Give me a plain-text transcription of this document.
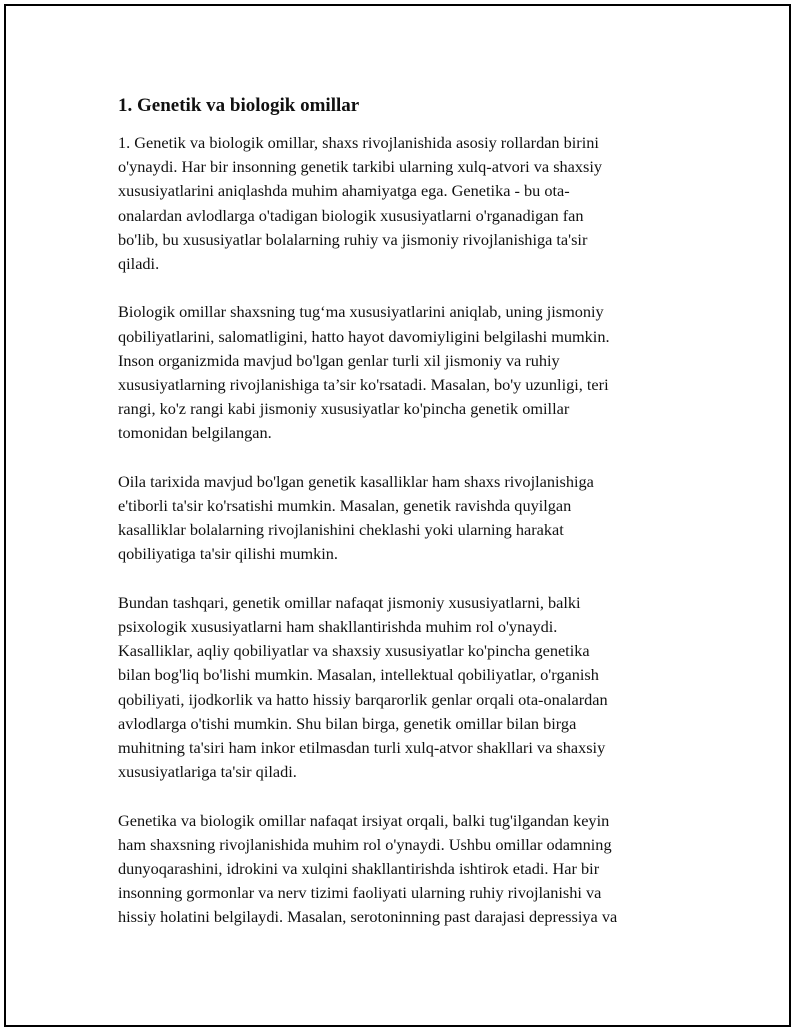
1. Genetik va biologik omillar

1. Genetik va biologik omillar, shaxs rivojlanishida asosiy rollardan birini
o'ynaydi. Har bir insonning genetik tarkibi ularning xulq-atvori va shaxsiy
xususiyatlarini aniqlashda muhim ahamiyatga ega. Genetika - bu ota-
onalardan avlodlarga o'tadigan biologik xususiyatlarni o'rganadigan fan
bo'lib, bu xususiyatlar bolalarning ruhiy va jismoniy rivojlanishiga ta'sir
qiladi.

Biologik omillar shaxsning tug‘ma xususiyatlarini aniqlab, uning jismoniy
qobiliyatlarini, salomatligini, hatto hayot davomiyligini belgilashi mumkin.
Inson organizmida mavjud bo'lgan genlar turli xil jismoniy va ruhiy
xususiyatlarning rivojlanishiga ta’sir ko'rsatadi. Masalan, bo'y uzunligi, teri
rangi, ko'z rangi kabi jismoniy xususiyatlar ko'pincha genetik omillar
tomonidan belgilangan.

Oila tarixida mavjud bo'lgan genetik kasalliklar ham shaxs rivojlanishiga
e'tiborli ta'sir ko'rsatishi mumkin. Masalan, genetik ravishda quyilgan
kasalliklar bolalarning rivojlanishini cheklashi yoki ularning harakat
qobiliyatiga ta'sir qilishi mumkin.

Bundan tashqari, genetik omillar nafaqat jismoniy xususiyatlarni, balki
psixologik xususiyatlarni ham shakllantirishda muhim rol o'ynaydi.
Kasalliklar, aqliy qobiliyatlar va shaxsiy xususiyatlar ko'pincha genetika
bilan bog'liq bo'lishi mumkin. Masalan, intellektual qobiliyatlar, o'rganish
qobiliyati, ijodkorlik va hatto hissiy barqarorlik genlar orqali ota-onalardan
avlodlarga o'tishi mumkin. Shu bilan birga, genetik omillar bilan birga
muhitning ta'siri ham inkor etilmasdan turli xulq-atvor shakllari va shaxsiy
xususiyatlariga ta'sir qiladi.

Genetika va biologik omillar nafaqat irsiyat orqali, balki tug'ilgandan keyin
ham shaxsning rivojlanishida muhim rol o'ynaydi. Ushbu omillar odamning
dunyoqarashini, idrokini va xulqini shakllantirishda ishtirok etadi. Har bir
insonning gormonlar va nerv tizimi faoliyati ularning ruhiy rivojlanishi va
hissiy holatini belgilaydi. Masalan, serotoninning past darajasi depressiya va
